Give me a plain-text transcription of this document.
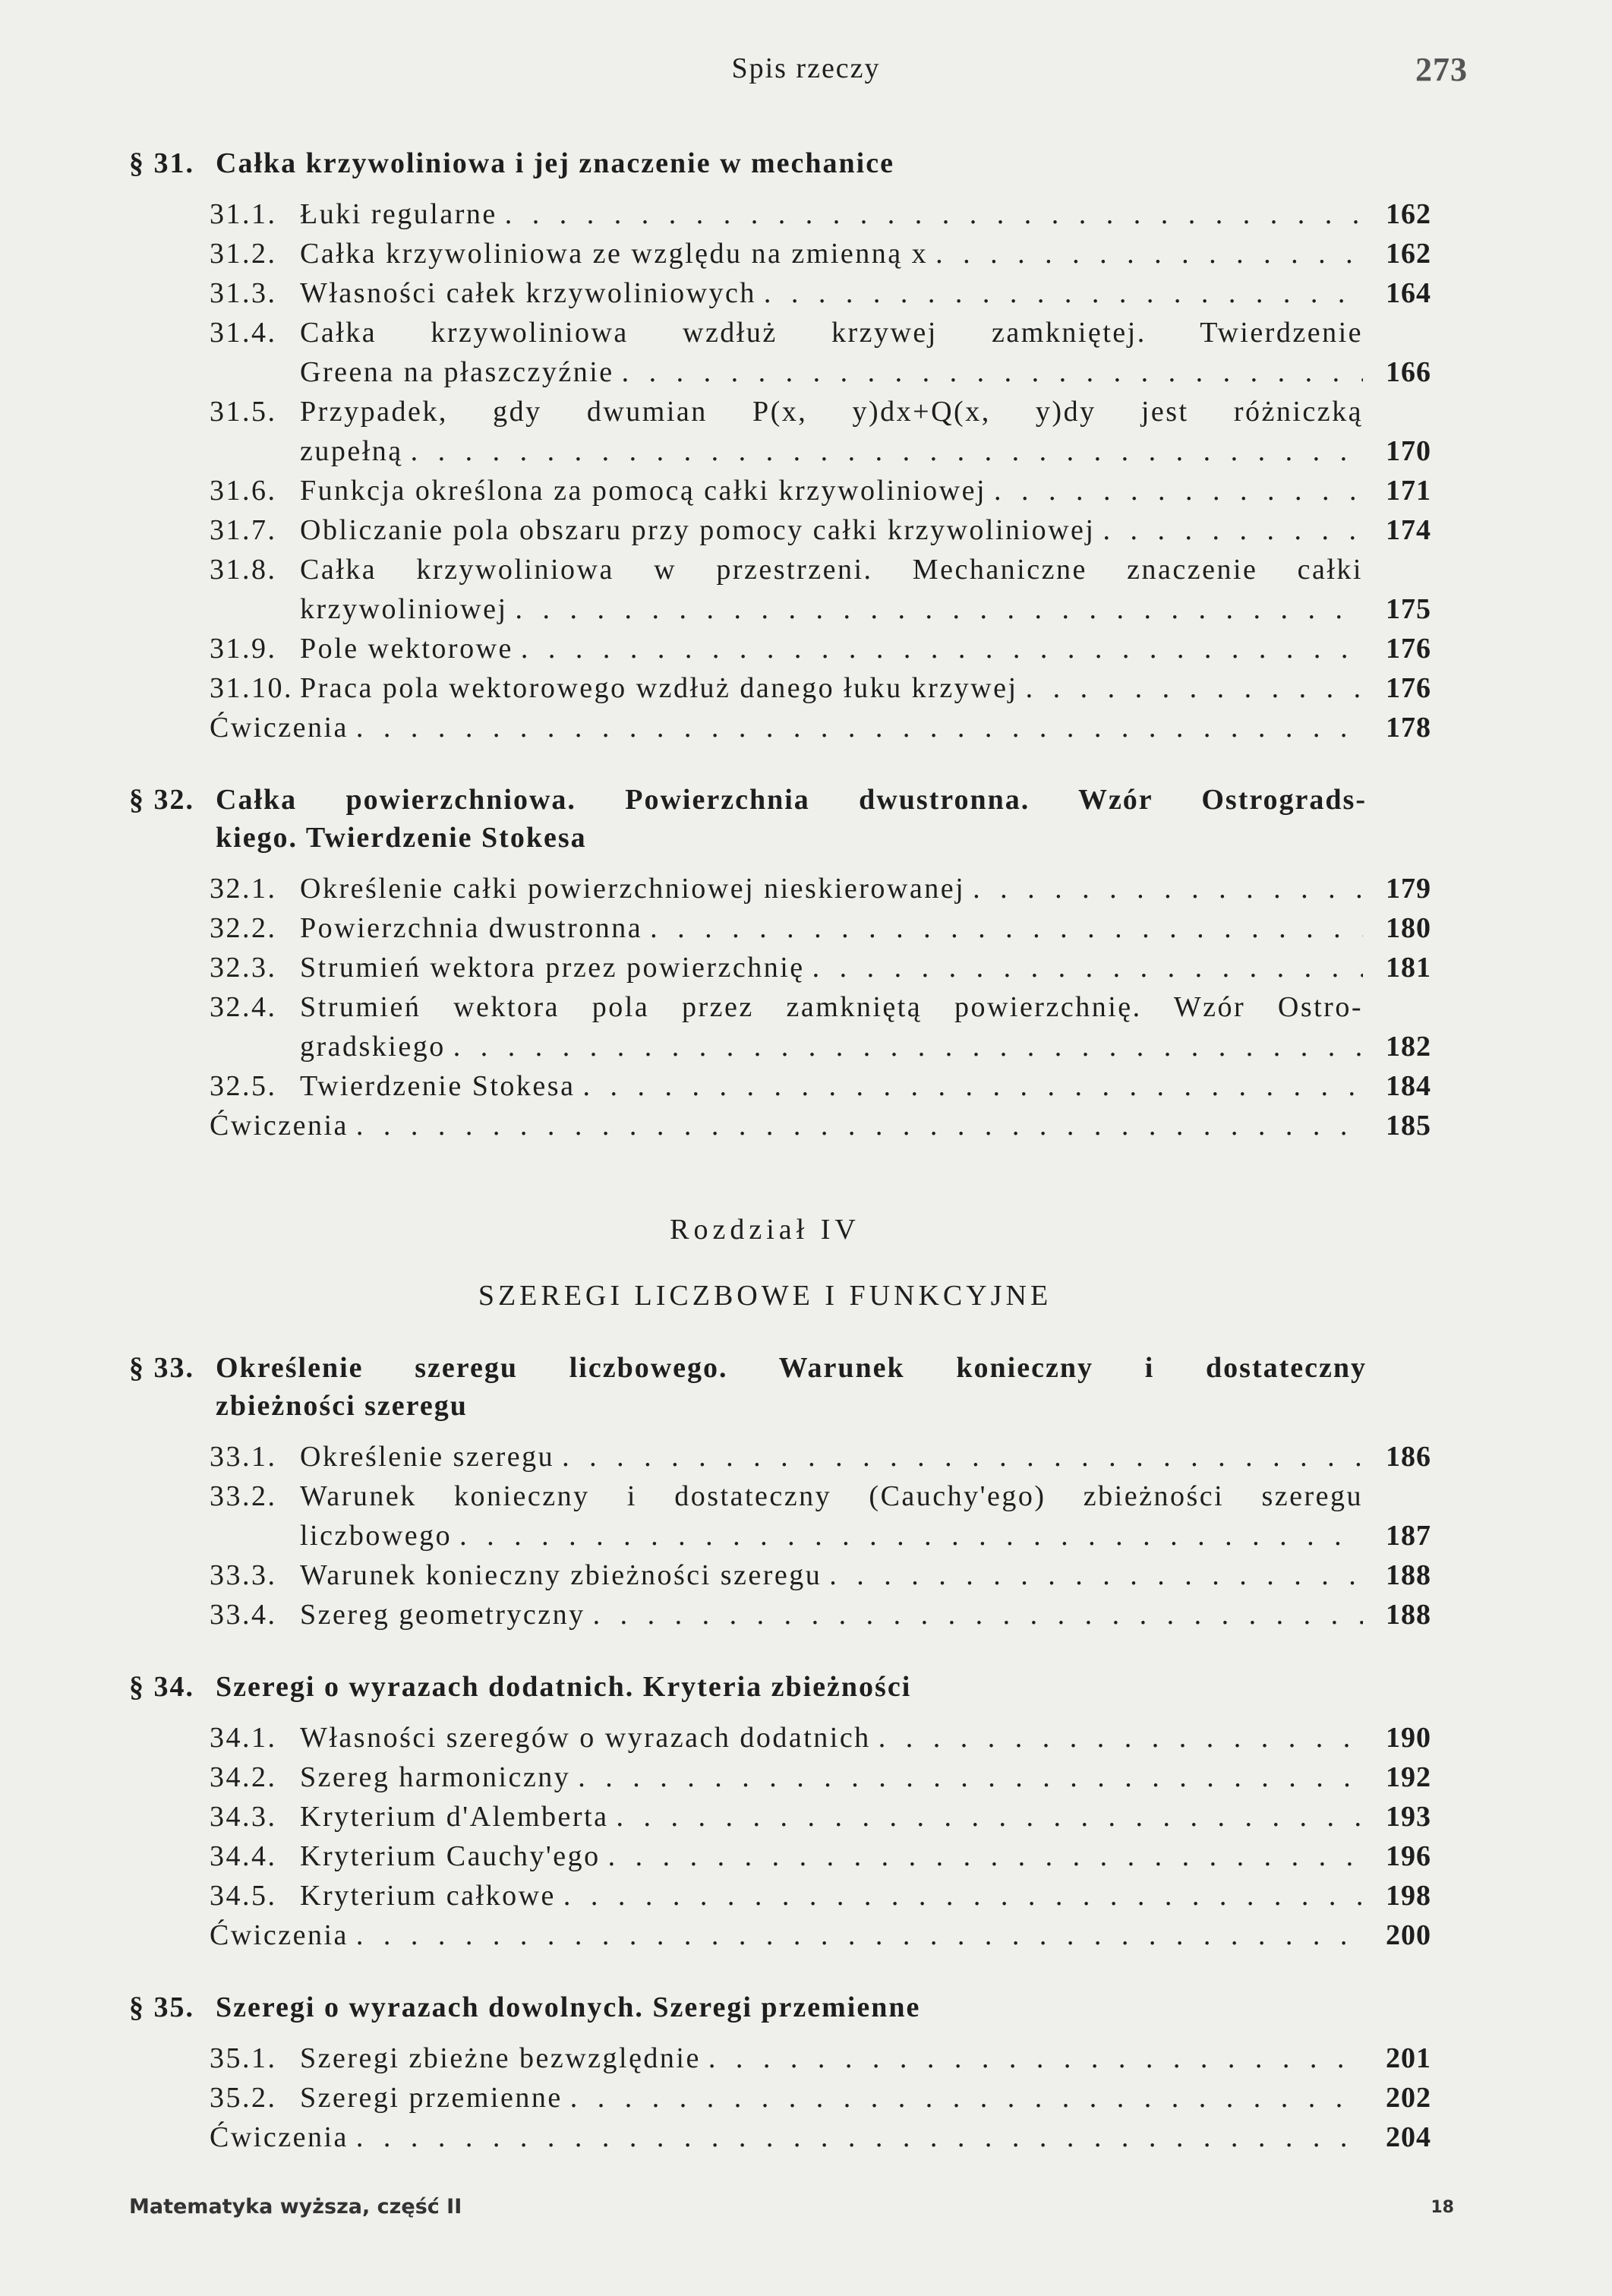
Spis rzeczy	273
§ 31. Całka krzywoliniowa i jej znaczenie w mechanice
31.1. Łuki regularne . . .	162
31.2. Całka krzywoliniowa ze względu na zmienną x . . .	162
31.3. Własności całek krzywoliniowych . . .	164
31.4. Całka krzywoliniowa wzdłuż krzywej zamkniętej. Twierdzenie
Greena na płaszczyźnie . . .	166
31.5. Przypadek, gdy dwumian P(x, y)dx+Q(x, y)dy jest różniczką
zupełną . . .	170
31.6. Funkcja określona za pomocą całki krzywoliniowej . . .	171
31.7. Obliczanie pola obszaru przy pomocy całki krzywoliniowej . . .	174
31.8. Całka krzywoliniowa w przestrzeni. Mechaniczne znaczenie całki
krzywoliniowej . . .	175
31.9. Pole wektorowe . . .	176
31.10. Praca pola wektorowego wzdłuż danego łuku krzywej . . .	176
Ćwiczenia . . .	178
§ 32. Całka powierzchniowa. Powierzchnia dwustronna. Wzór Ostrograds-
kiego. Twierdzenie Stokesa
32.1. Określenie całki powierzchniowej nieskierowanej . . .	179
32.2. Powierzchnia dwustronna . . .	180
32.3. Strumień wektora przez powierzchnię . . .	181
32.4. Strumień wektora pola przez zamkniętą powierzchnię. Wzór Ostro-
gradskiego . . .	182
32.5. Twierdzenie Stokesa . . .	184
Ćwiczenia . . .	185
Rozdział IV
SZEREGI LICZBOWE I FUNKCYJNE
§ 33. Określenie szeregu liczbowego. Warunek konieczny i dostateczny
zbieżności szeregu
33.1. Określenie szeregu . . .	186
33.2. Warunek konieczny i dostateczny (Cauchy'ego) zbieżności szeregu
liczbowego . . .	187
33.3. Warunek konieczny zbieżności szeregu . . .	188
33.4. Szereg geometryczny . . .	188
§ 34. Szeregi o wyrazach dodatnich. Kryteria zbieżności
34.1. Własności szeregów o wyrazach dodatnich . . .	190
34.2. Szereg harmoniczny . . .	192
34.3. Kryterium d'Alemberta . . .	193
34.4. Kryterium Cauchy'ego . . .	196
34.5. Kryterium całkowe . . .	198
Ćwiczenia . . .	200
§ 35. Szeregi o wyrazach dowolnych. Szeregi przemienne
35.1. Szeregi zbieżne bezwzględnie . . .	201
35.2. Szeregi przemienne . . .	202
Ćwiczenia . . .	204
Matematyka wyższa, część II	18
